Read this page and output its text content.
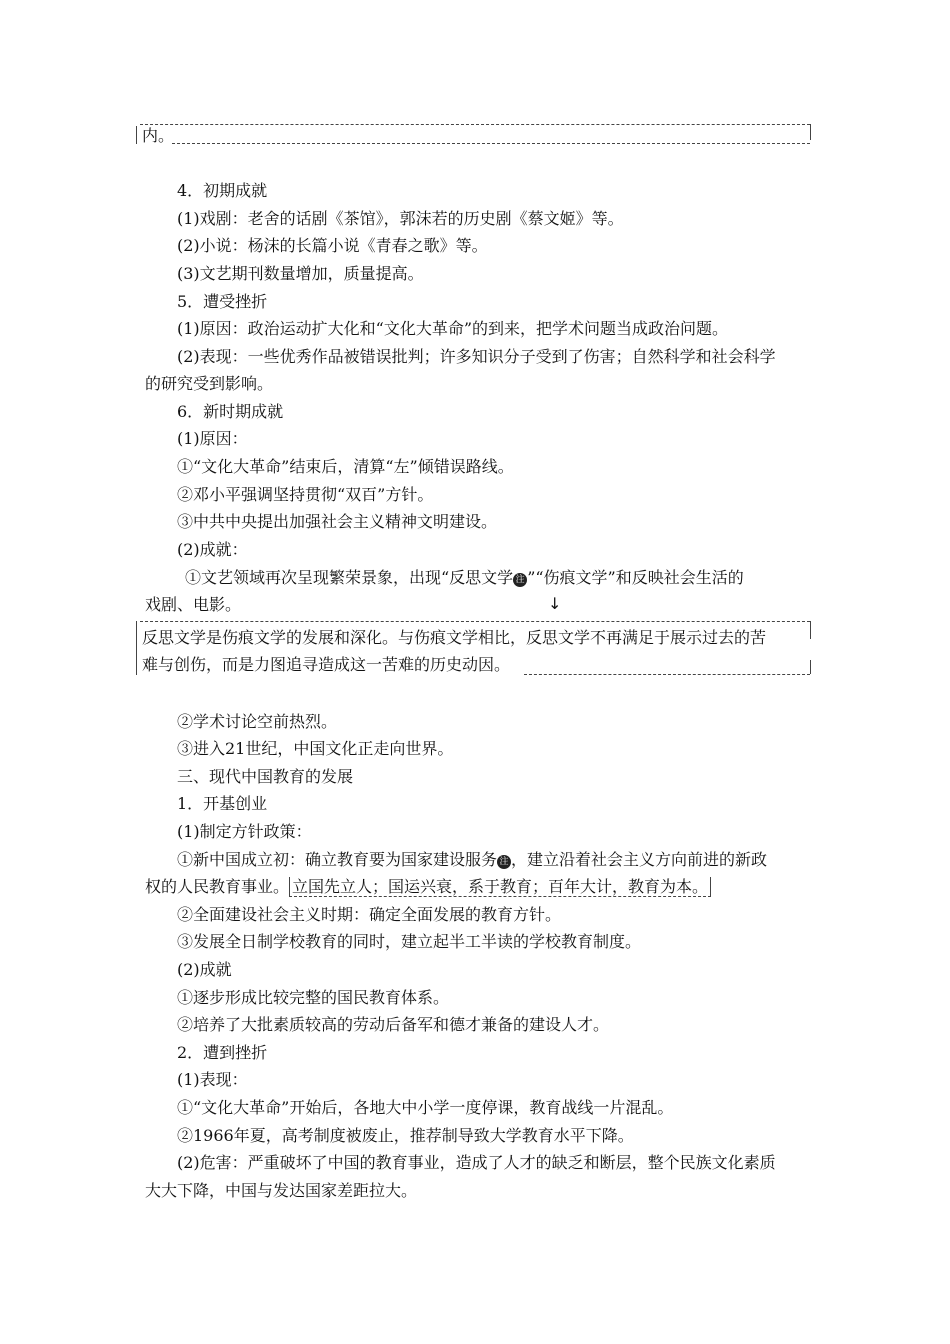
内。
4．初期成就
(1)戏剧：老舍的话剧《茶馆》，郭沫若的历史剧《蔡文姬》等。
(2)小说：杨沫的长篇小说《青春之歌》等。
(3)文艺期刊数量增加，质量提高。
5．遭受挫折
(1)原因：政治运动扩大化和“文化大革命”的到来，把学术问题当成政治问题。
(2)表现：一些优秀作品被错误批判；许多知识分子受到了伤害；自然科学和社会科学
的研究受到影响。
6．新时期成就
(1)原因：
①“文化大革命”结束后，清算“左”倾错误路线。
②邓小平强调坚持贯彻“双百”方针。
③中共中央提出加强社会主义精神文明建设。
(2)成就：
①文艺领域再次呈现繁荣景象，出现“反思文学 注 ”“伤痕文学”和反映社会生活的
戏剧、电影。	↓
反思文学是伤痕文学的发展和深化。与伤痕文学相比，反思文学不再满足于展示过去的苦
难与创伤，而是力图追寻造成这一苦难的历史动因。
②学术讨论空前热烈。
③进入21世纪，中国文化正走向世界。
三、现代中国教育的发展
1．开基创业
(1)制定方针政策：
①新中国成立初：确立教育要为国家建设服务 注 ，建立沿着社会主义方向前进的新政
权的人民教育事业。 立国先立人；国运兴衰，系于教育；百年大计，教育为本。
②全面建设社会主义时期：确定全面发展的教育方针。
③发展全日制学校教育的同时，建立起半工半读的学校教育制度。
(2)成就
①逐步形成比较完整的国民教育体系。
②培养了大批素质较高的劳动后备军和德才兼备的建设人才。
2．遭到挫折
(1)表现：
①“文化大革命”开始后，各地大中小学一度停课，教育战线一片混乱。
②1966年夏，高考制度被废止，推荐制导致大学教育水平下降。
(2)危害：严重破坏了中国的教育事业，造成了人才的缺乏和断层，整个民族文化素质
大大下降，中国与发达国家差距拉大。
